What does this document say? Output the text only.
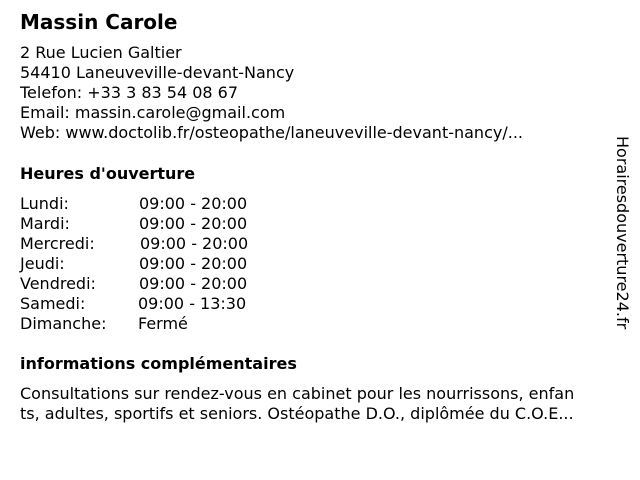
Massin Carole
2 Rue Lucien Galtier
54410 Laneuveville-devant-Nancy
Telefon: +33 3 83 54 08 67
Email: massin.carole@gmail.com
Web: www.doctolib.fr/osteopathe/laneuveville-devant-nancy/...
Heures d'ouverture
Lundi:	09:00 - 20:00
Mardi:	09:00 - 20:00
Mercredi:	09:00 - 20:00
Jeudi:	09:00 - 20:00
Vendredi:	09:00 - 20:00
Samedi:	09:00 - 13:30
Dimanche: Fermé
informations complémentaires
Consultations sur rendez-vous en cabinet pour les nourrissons, enfan
ts, adultes, sportifs et seniors. Ostéopathe D.O., diplômée du C.O.E...
Horairesdouverture24.fr
